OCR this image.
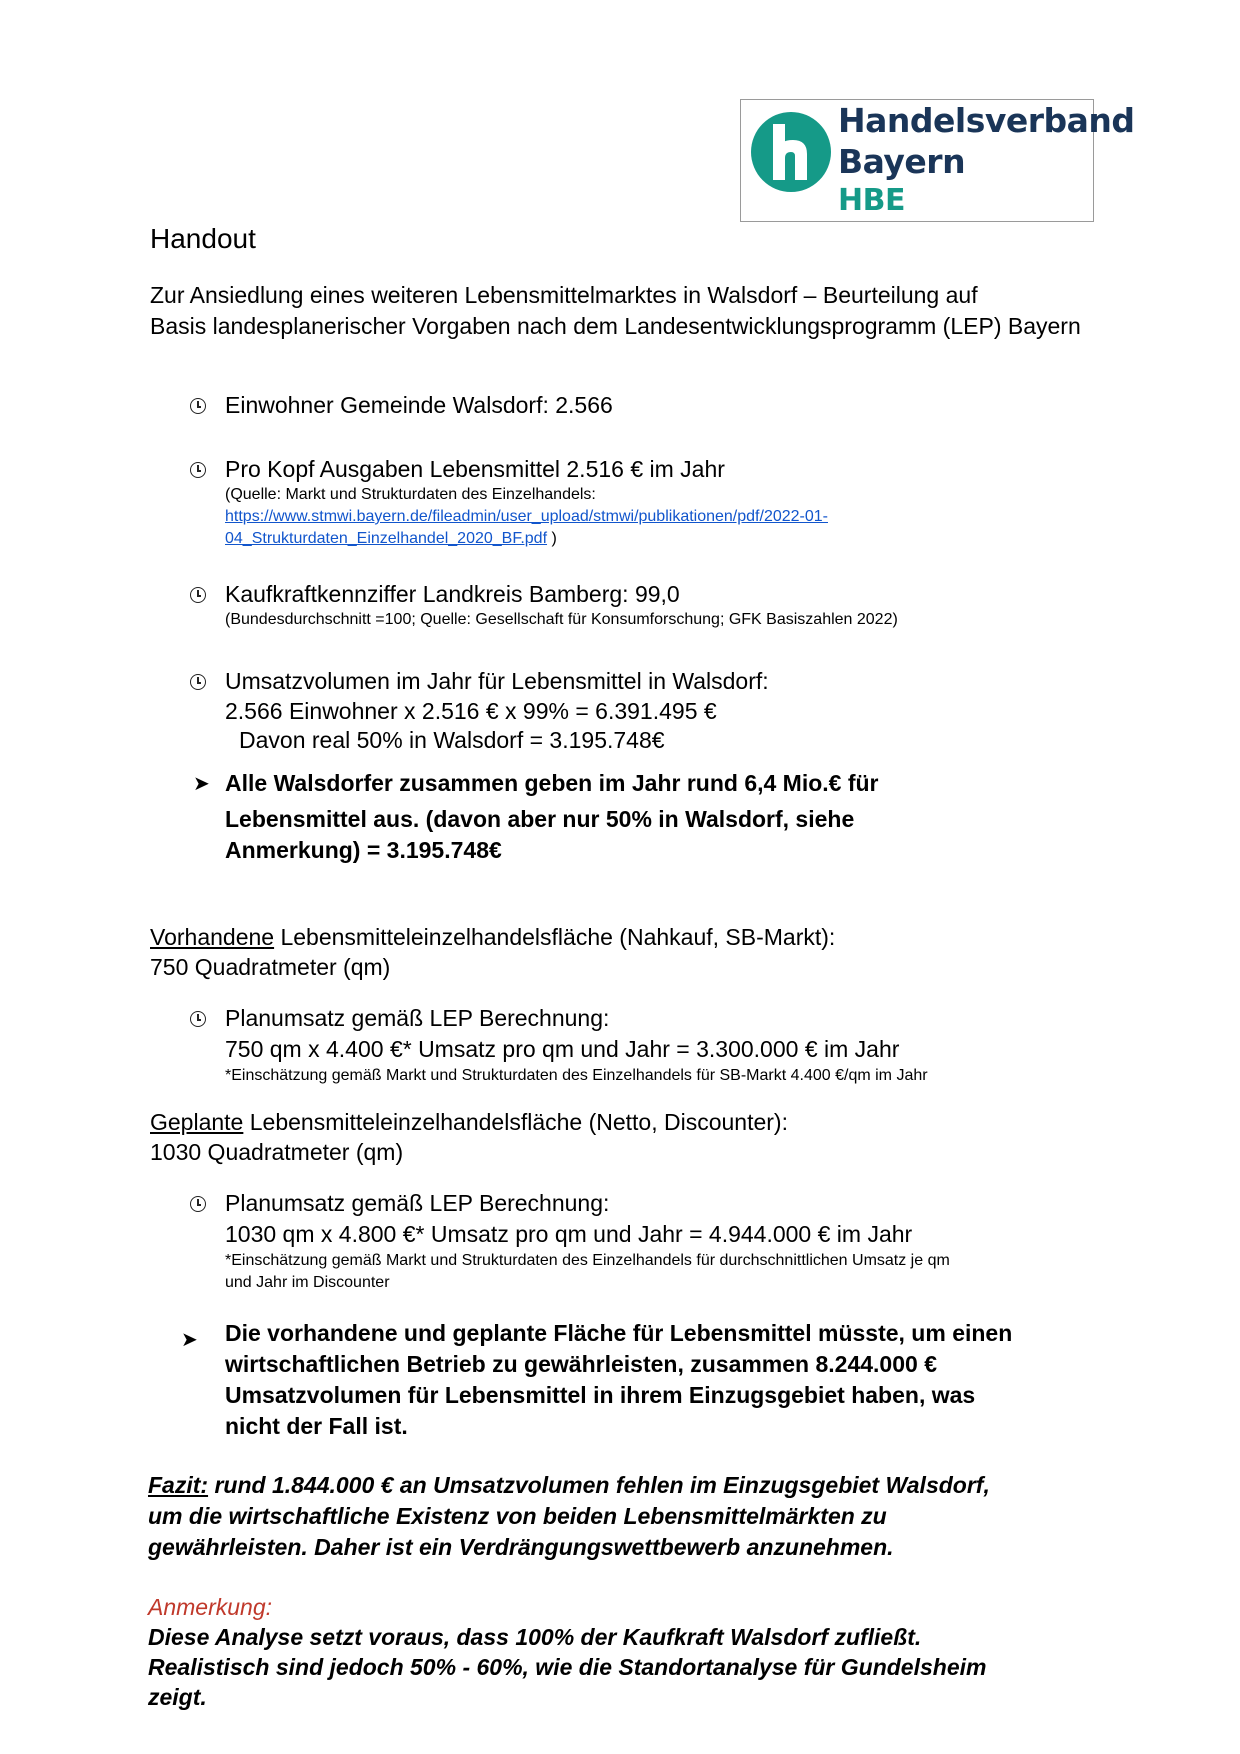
Handelsverband
Bayern
HBE
Handout
Zur Ansiedlung eines weiteren Lebensmittelmarktes in Walsdorf – Beurteilung auf
Basis landesplanerischer Vorgaben nach dem Landesentwicklungsprogramm (LEP) Bayern
Einwohner Gemeinde Walsdorf: 2.566
Pro Kopf Ausgaben Lebensmittel 2.516 € im Jahr
(Quelle: Markt und Strukturdaten des Einzelhandels:
https://www.stmwi.bayern.de/fileadmin/user_upload/stmwi/publikationen/pdf/2022-01-
04_Strukturdaten_Einzelhandel_2020_BF.pdf )
Kaufkraftkennziffer Landkreis Bamberg: 99,0
(Bundesdurchschnitt =100; Quelle: Gesellschaft für Konsumforschung; GFK Basiszahlen 2022)
Umsatzvolumen im Jahr für Lebensmittel in Walsdorf:
2.566 Einwohner x 2.516 € x 99% = 6.391.495 €
Davon real 50% in Walsdorf = 3.195.748€
➤ Alle Walsdorfer zusammen geben im Jahr rund 6,4 Mio.€ für
Lebensmittel aus. (davon aber nur 50% in Walsdorf, siehe
Anmerkung) = 3.195.748€
Vorhandene Lebensmitteleinzelhandelsfläche (Nahkauf, SB-Markt):
750 Quadratmeter (qm)
Planumsatz gemäß LEP Berechnung:
750 qm x 4.400 €* Umsatz pro qm und Jahr = 3.300.000 € im Jahr
*Einschätzung gemäß Markt und Strukturdaten des Einzelhandels für SB-Markt 4.400 €/qm im Jahr
Geplante Lebensmitteleinzelhandelsfläche (Netto, Discounter):
1030 Quadratmeter (qm)
Planumsatz gemäß LEP Berechnung:
1030 qm x 4.800 €* Umsatz pro qm und Jahr = 4.944.000 € im Jahr
*Einschätzung gemäß Markt und Strukturdaten des Einzelhandels für durchschnittlichen Umsatz je qm
und Jahr im Discounter
➤ Die vorhandene und geplante Fläche für Lebensmittel müsste, um einen
wirtschaftlichen Betrieb zu gewährleisten, zusammen 8.244.000 €
Umsatzvolumen für Lebensmittel in ihrem Einzugsgebiet haben, was
nicht der Fall ist.
Fazit: rund 1.844.000 € an Umsatzvolumen fehlen im Einzugsgebiet Walsdorf,
um die wirtschaftliche Existenz von beiden Lebensmittelmärkten zu
gewährleisten. Daher ist ein Verdrängungswettbewerb anzunehmen.
Anmerkung:
Diese Analyse setzt voraus, dass 100% der Kaufkraft Walsdorf zufließt.
Realistisch sind jedoch 50% - 60%, wie die Standortanalyse für Gundelsheim
zeigt.
